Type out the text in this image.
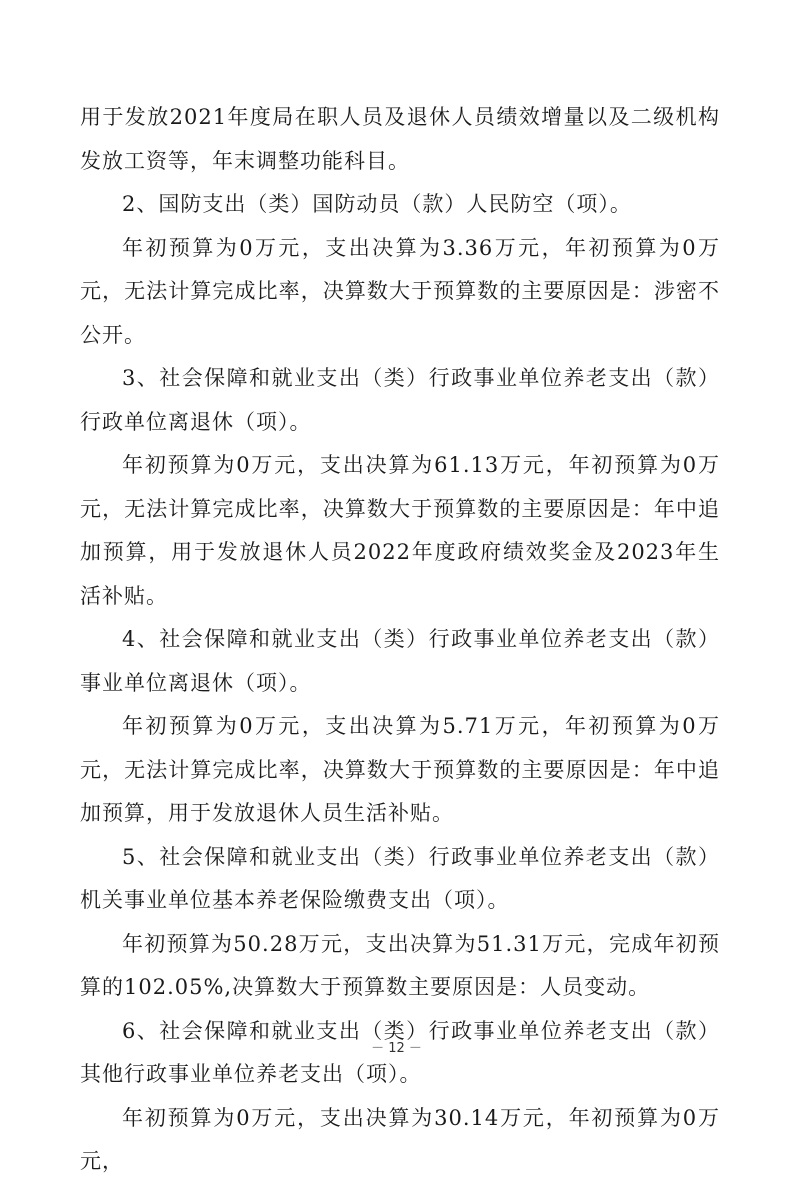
用于发放2021年度局在职人员及退休人员绩效增量以及二级机构发放工资等，年末调整功能科目。

2、国防支出（类）国防动员（款）人民防空（项）。

年初预算为0万元，支出决算为3.36万元，年初预算为0万元，无法计算完成比率，决算数大于预算数的主要原因是：涉密不公开。

3、社会保障和就业支出（类）行政事业单位养老支出（款）行政单位离退休（项）。

年初预算为0万元，支出决算为61.13万元，年初预算为0万元，无法计算完成比率，决算数大于预算数的主要原因是：年中追加预算，用于发放退休人员2022年度政府绩效奖金及2023年生活补贴。

4、社会保障和就业支出（类）行政事业单位养老支出（款）事业单位离退休（项）。

年初预算为0万元，支出决算为5.71万元，年初预算为0万元，无法计算完成比率，决算数大于预算数的主要原因是：年中追加预算，用于发放退休人员生活补贴。

5、社会保障和就业支出（类）行政事业单位养老支出（款）机关事业单位基本养老保险缴费支出（项）。

年初预算为50.28万元，支出决算为51.31万元，完成年初预算的102.05%,决算数大于预算数主要原因是：人员变动。

6、社会保障和就业支出（类）行政事业单位养老支出（款）其他行政事业单位养老支出（项）。

年初预算为0万元，支出决算为30.14万元，年初预算为0万元，

－ 12 －
